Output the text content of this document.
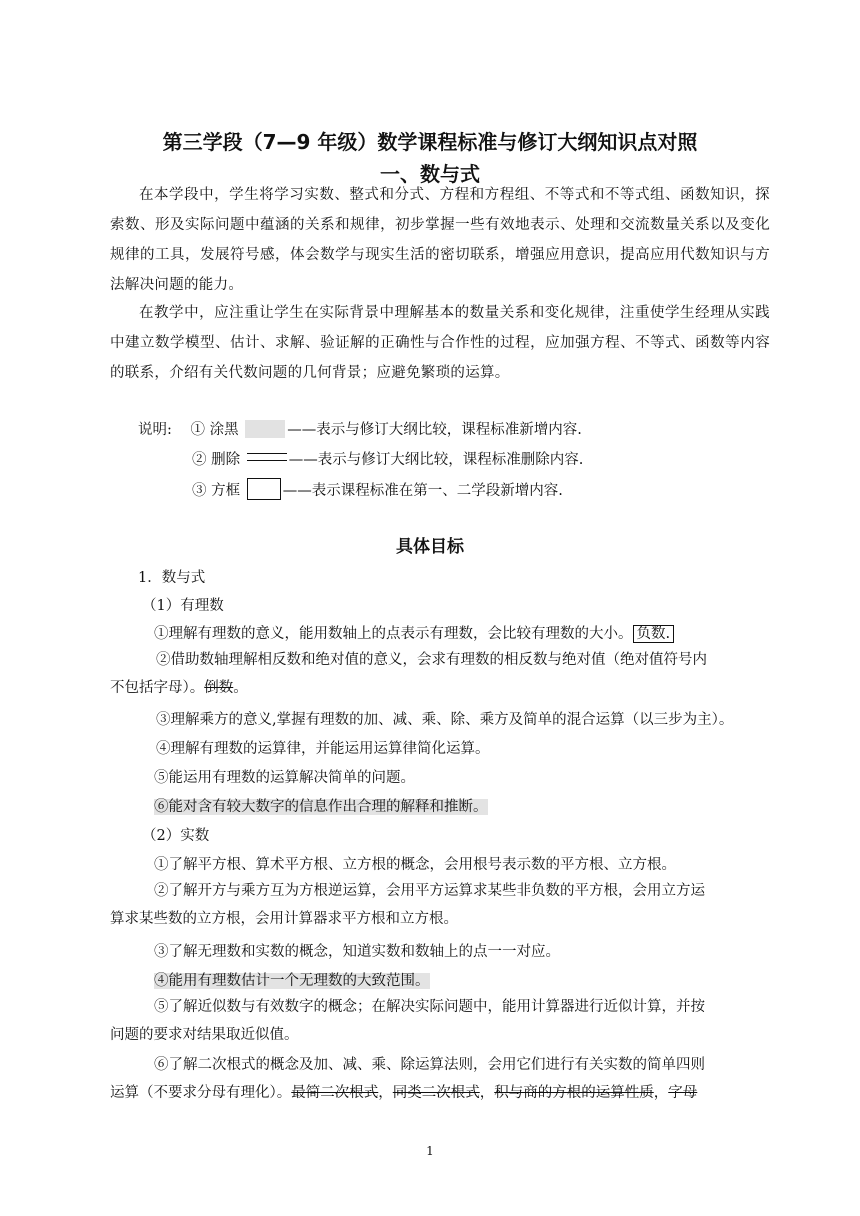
第三学段（7—9 年级）数学课程标准与修订大纲知识点对照
一、数与式

在本学段中，学生将学习实数、整式和分式、方程和方程组、不等式和不等式组、函数知识，探索数、形及实际问题中蕴涵的关系和规律，初步掌握一些有效地表示、处理和交流数量关系以及变化规律的工具，发展符号感，体会数学与现实生活的密切联系，增强应用意识，提高应用代数知识与方法解决问题的能力。

在教学中，应注重让学生在实际背景中理解基本的数量关系和变化规律，注重使学生经理从实践中建立数学模型、估计、求解、验证解的正确性与合作性的过程，应加强方程、不等式、函数等内容的联系，介绍有关代数问题的几何背景；应避免繁琐的运算。

说明: ① 涂黑	——表示与修订大纲比较，课程标准新增内容.
② 删除	——表示与修订大纲比较，课程标准删除内容.
③ 方框	——表示课程标准在第一、二学段新增内容.
具体目标
1．数与式
（1）有理数
①理解有理数的意义，能用数轴上的点表示有理数，会比较有理数的大小。 负数.
②借助数轴理解相反数和绝对值的意义，会求有理数的相反数与绝对值（绝对值符号内
不包括字母）。倒数。
③理解乘方的意义,掌握有理数的加、减、乘、除、乘方及简单的混合运算（以三步为主）。
④理解有理数的运算律，并能运用运算律简化运算。
⑤能运用有理数的运算解决简单的问题。
⑥能对含有较大数字的信息作出合理的解释和推断。
（2）实数
①了解平方根、算术平方根、立方根的概念，会用根号表示数的平方根、立方根。
②了解开方与乘方互为方根逆运算，会用平方运算求某些非负数的平方根，会用立方运
算求某些数的立方根，会用计算器求平方根和立方根。
③了解无理数和实数的概念，知道实数和数轴上的点一一对应。
④能用有理数估计一个无理数的大致范围。
⑤了解近似数与有效数字的概念；在解决实际问题中，能用计算器进行近似计算，并按
问题的要求对结果取近似值。
⑥了解二次根式的概念及加、减、乘、除运算法则，会用它们进行有关实数的简单四则
运算（不要求分母有理化）。最简二次根式，同类二次根式，积与商的方根的运算性质，字母
1
